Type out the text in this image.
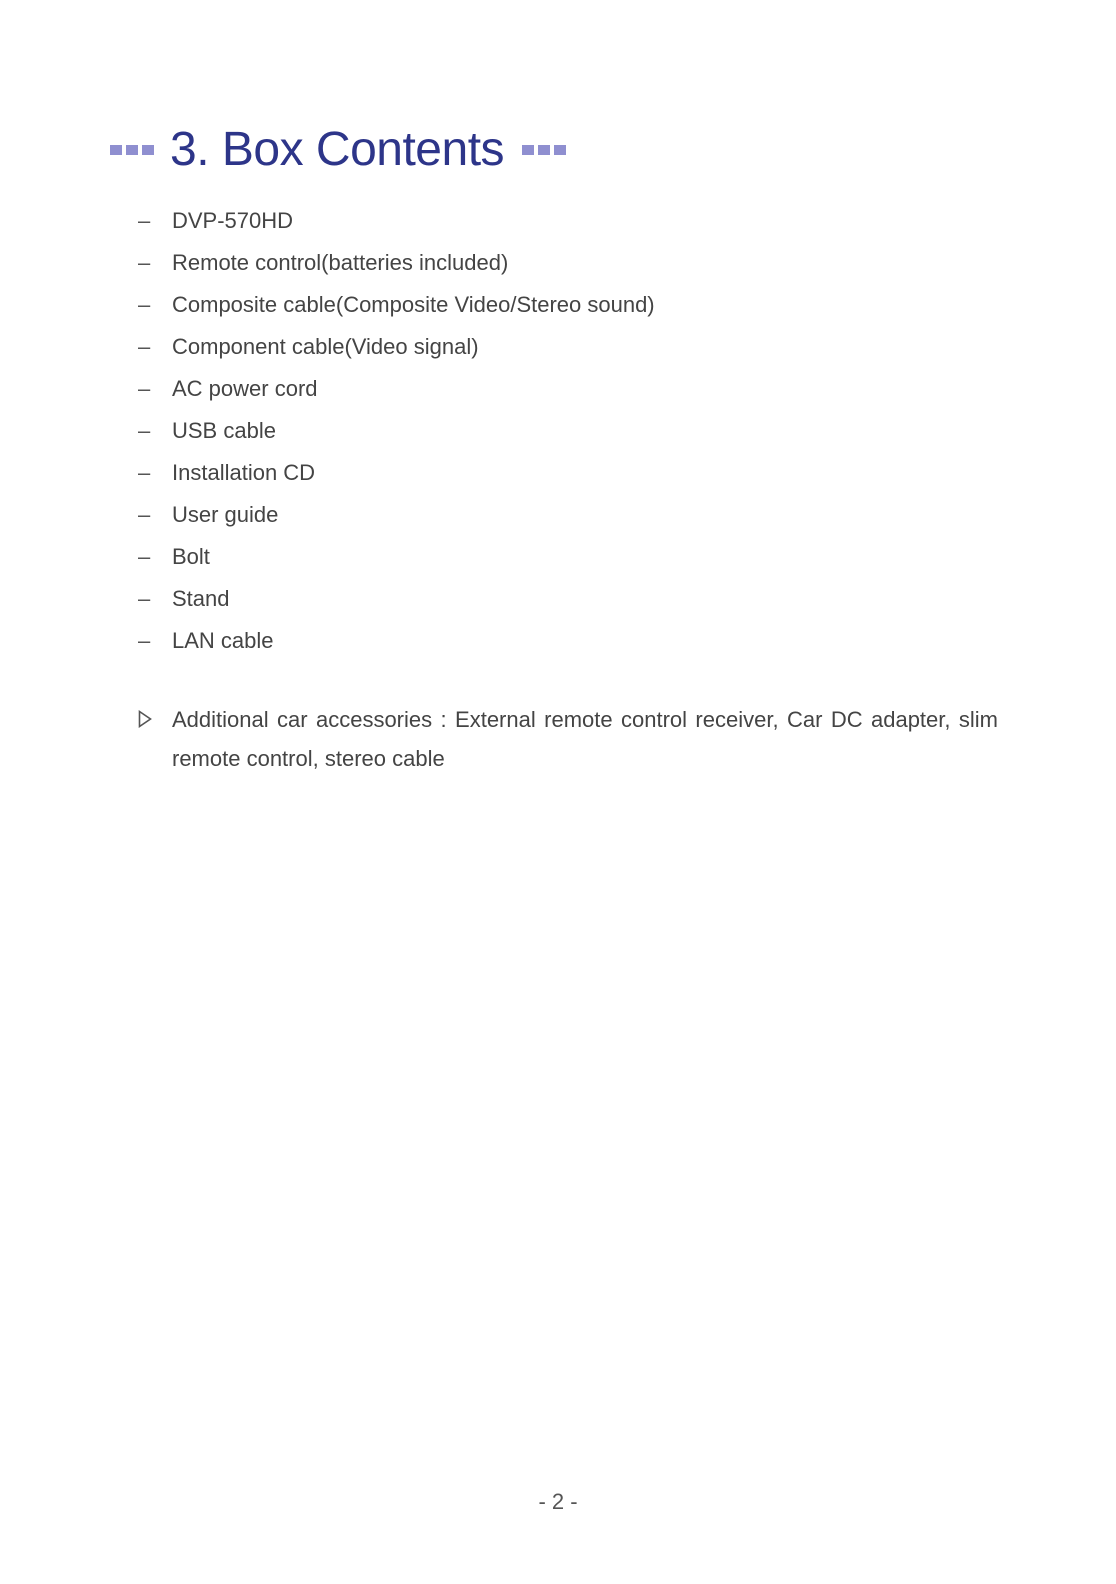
3. Box Contents
– DVP-570HD
– Remote control(batteries included)
– Composite cable(Composite Video/Stereo sound)
– Component cable(Video signal)
– AC power cord
– USB cable
– Installation CD
– User guide
– Bolt
– Stand
– LAN cable
Additional car accessories : External remote control receiver, Car DC adapter, slim remote control, stereo cable
- 2 -
